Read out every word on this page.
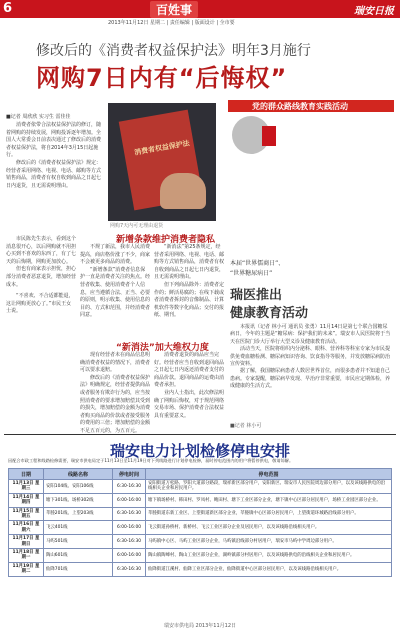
6	百姓事	瑞安日报
2013年11月12日 星期二 | 责任编辑 | 版面设计 | 全市要
修改后的《消费者权益保护法》明年3月施行
网购7日内有“后悔权”
■记者 周欣欣 实习生 雷佳佳

消费者依带合法权益保护法的修订，随着网购的持续发展，网购投诉逐年增加。全国人大常委会日前表决通过了修改后的消费者权益保护法，将自2014年3月15日起施行。

修改后的《消费者权益保护法》规定：经营者采用网络、电视、电话、邮购等方式销售商品，消费者有权自收到商品之日起七日内退货，且无需说明理由。

消费者权益保护法
网购7天内可无理由退货

市民陈先生表示，看到这个消息很开心，以后网购就不用担心买到不喜欢的东西了，有了七天的后悔期，网购更加放心。

但也有商家表示担忧，担心部分消费者恶意退货，增加经营成本。

“不喜欢、不合适都能退，这让网购更放心了。”市民王女士说。

新增条款维护消费者隐私

不规了新法，我市人民消费提高，商店格价涨了不少，商家不会被更多商品的消费。

“新增条款”消费者信息保护一直是消费者关注的焦点。经营者收集、使用消费者个人信息，应当遵循合法、正当、必要的原则，明示收集、使用信息的目的、方式和范围，并经消费者同意。

“新消法”第25条规定，经营者采用网络、电视、电话、邮购等方式销售商品，消费者有权自收到商品之日起七日内退货，且无需说明理由。

但下列商品除外：消费者定作的；鲜活易腐的；在线下载或者消费者拆封的音像制品、计算机软件等数字化商品；交付的报纸、期刊。

“新消法”加大维权力度

现有经营者未在商品信息明确消费者权益的情况下，消费者可以要求退赔。

修改后的《消费者权益保护法》明确规定，经营者提供商品或者服务有欺诈行为的，应当按照消费者的要求增加赔偿其受到的损失，增加赔偿的金额为消费者购买商品的价款或者接受服务的费用的三倍；增加赔偿的金额不足五百元的，为五百元。

消费者退货的商品应当完好。经营者应当自收到退回商品之日起七日内返还消费者支付的商品价款。退回商品的运费由消费者承担。

业内人士指出，此次修法明确了网购后悔权，对于规范网络交易市场、保护消费者合法权益具有重要意义。

党的群众路线教育实践活动
本届“世界儒商日”、
“世界糖尿病日”
瑞医推出
健康教育活动

本报讯（记者 林小可 通讯员 张勇）11月14日是第七个联合国糖尿病日，今年的主题是“糖尿病：保护我们的未来”。瑞安市人民医院将于当天在医院门诊大厅举行大型义诊及健康教育活动。

活动当天，医院将组织内分泌科、眼科、营养科等科室专家为市民提供免费血糖检测、糖尿病知识咨询、饮食指导等服务，并发放糖尿病防治宣传资料。

据了解，我国糖尿病患者人数居世界首位，而很多患者并不知道自己患病。专家提醒，糖尿病早发现、早治疗非常重要，市民应定期体检，养成健康的生活方式。

■记者 林小可
瑞安电力计划检修停电安排
因配合市政工程和线路检修需要，瑞安市供电局定于11月13日至11月19日对下列线路进行计划停电检修，届时停电范围内的用户将暂停供电，敬请谅解。
日期	线路名称	停电时间	停电范围
11月13日 星期三	安阳104线、安阳106线	6:30-16:30	安阳街道万松路、罗阳大道部分路段，瑞祥新区部分用户，安阳新区、瑞安市人民医院周边部分用户，以及该线路供电的沿线相关企业和居民用户。
11月14日 星期四	塘下301线、场桥302线	6:00-16:00	塘下镇场桥村、韩田村、罗凤村、鲍田村、塘下工业区部分企业，塘下镇中心区部分居民用户，场桥工业园区部分企业。
11月15日 星期五	莘塍201线、上望203线	6:30-16:30	莘塍街道东新工业区、上望街道新区部分企业，莘塍镇中心区部分居民用户，上望街道环城路沿线部分用户。
11月16日 星期六	飞云401线	6:00-16:00	飞云街道孙桥村、新桥村、飞云工业区部分企业及居民用户，以及该线路沿线相关用户。
11月17日 星期日	马屿501线	6:30-16:30	马屿镇中心区、马屿工业区部分企业，马屿镇沿线部分村居用户，瑞安市马屿中学周边部分用户。
11月18日 星期一	陶山601线	6:00-16:00	陶山镇陶峰村、陶山工业区部分企业，湖岭镇部分村居用户，以及该线路供电的沿线相关企业和居民用户。
11月19日 星期二	仙降701线	6:30-16:30	仙降街道江溪村、仙降工业区部分企业，仙降街道中心区部分居民用户，以及该线路沿线相关用户。
瑞安市供电局 2013年11月12日
